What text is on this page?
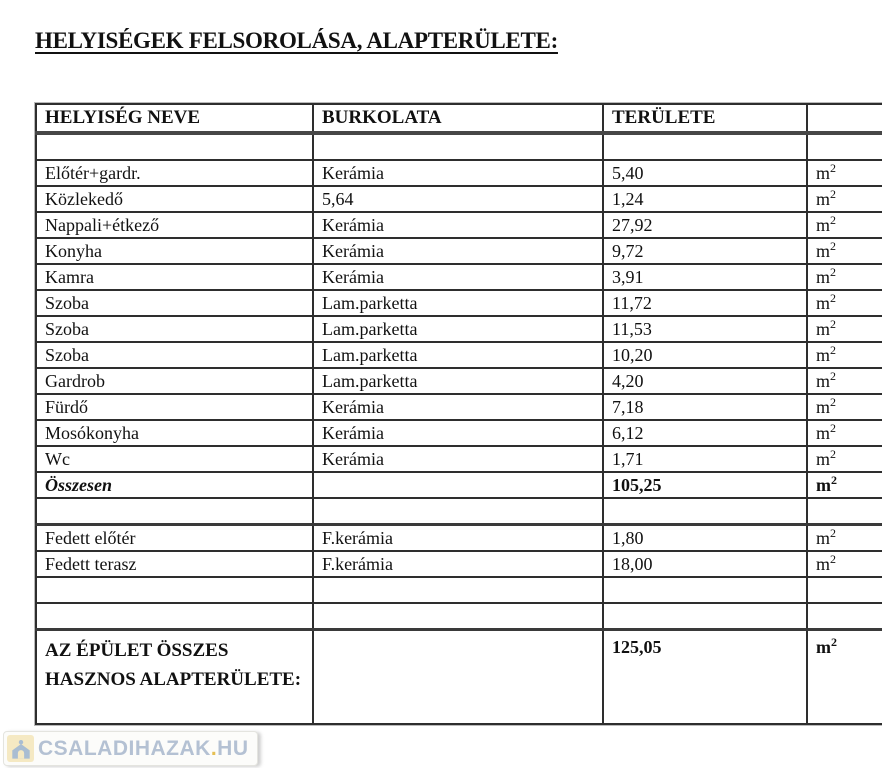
HELYISÉGEK FELSOROLÁSA, ALAPTERÜLETE:
HELYISÉG NEVE	BURKOLATA	TERÜLETE	

Előtér+gardr.	Kerámia	5,40	$m^2$
Közlekedő	5,64	1,24	$m^2$
Nappali+étkező	Kerámia	27,92	$m^2$
Konyha	Kerámia	9,72	$m^2$
Kamra	Kerámia	3,91	$m^2$
Szoba	Lam.parketta	11,72	$m^2$
Szoba	Lam.parketta	11,53	$m^2$
Szoba	Lam.parketta	10,20	$m^2$
Gardrob	Lam.parketta	4,20	$m^2$
Fürdő	Kerámia	7,18	$m^2$
Mosókonyha	Kerámia	6,12	$m^2$
Wc	Kerámia	1,71	$m^2$
Összesen		105,25	$m^2$

Fedett előtér	F.kerámia	1,80	$m^2$
Fedett terasz	F.kerámia	18,00	$m^2$

AZ ÉPÜLET ÖSSZES HASZNOS ALAPTERÜLETE:		125,05	$m^2$
CSALADIHAZAK.HU
